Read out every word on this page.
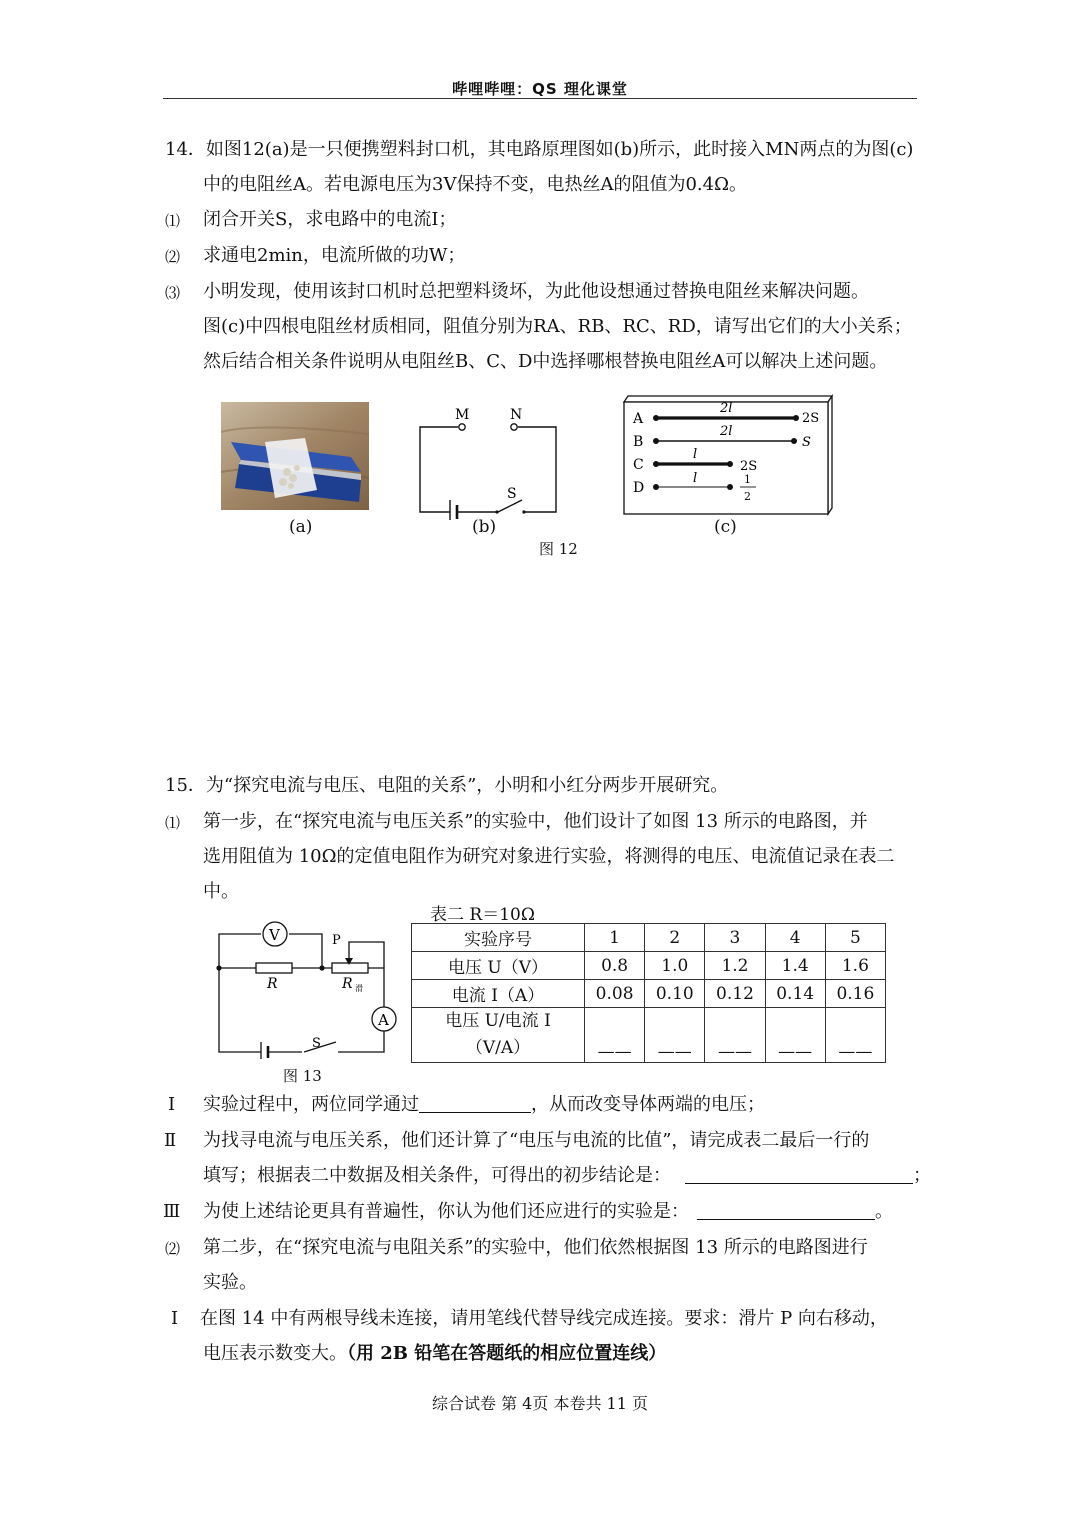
哔哩哔哩：QS 理化课堂
14．如图12(a)是一只便携塑料封口机，其电路原理图如(b)所示，此时接入MN两点的为图(c)
中的电阻丝A。若电源电压为3V保持不变，电热丝A的阻值为0.4Ω。
⑴ 闭合开关S，求电路中的电流I；
⑵ 求通电2min，电流所做的功W；
⑶ 小明发现，使用该封口机时总把塑料烫坏，为此他设想通过替换电阻丝来解决问题。
图(c)中四根电阻丝材质相同，阻值分别为RA、RB、RC、RD，请写出它们的大小关系；
然后结合相关条件说明从电阻丝B、C、D中选择哪根替换电阻丝A可以解决上述问题。
M	N
S
A
2l
2S
B
2l
S
C
l
2S
D
l	1
2
(a)	(b)	(c)
图 12
15．为“探究电流与电压、电阻的关系”，小明和小红分两步开展研究。
⑴ 第一步，在“探究电流与电压关系”的实验中，他们设计了如图 13 所示的电路图，并
选用阻值为 10Ω的定值电阻作为研究对象进行实验，将测得的电压、电流值记录在表二
中。
V
A
P
R	R 滑
S
图 13
表二 R＝10Ω
实验序号	1	2	3	4	5
电压 U（V）	0.8	1.0	1.2	1.4	1.6
电流 I（A）	0.08	0.10	0.12	0.14	0.16
电压 U/电流 I
（V/A）	——	——	——	——	——
Ⅰ 实验过程中，两位同学通过	，从而改变导体两端的电压；
Ⅱ 为找寻电流与电压关系，他们还计算了“电压与电流的比值”，请完成表二最后一行的
填写；根据表二中数据及相关条件，可得出的初步结论是：	；
Ⅲ 为使上述结论更具有普遍性，你认为他们还应进行的实验是：	。
⑵ 第二步，在“探究电流与电阻关系”的实验中，他们依然根据图 13 所示的电路图进行
实验。
Ⅰ 在图 14 中有两根导线未连接，请用笔线代替导线完成连接。要求：滑片 P 向右移动，
电压表示数变大。（用 2B 铅笔在答题纸的相应位置连线）
综合试卷 第 4页 本卷共 11 页
